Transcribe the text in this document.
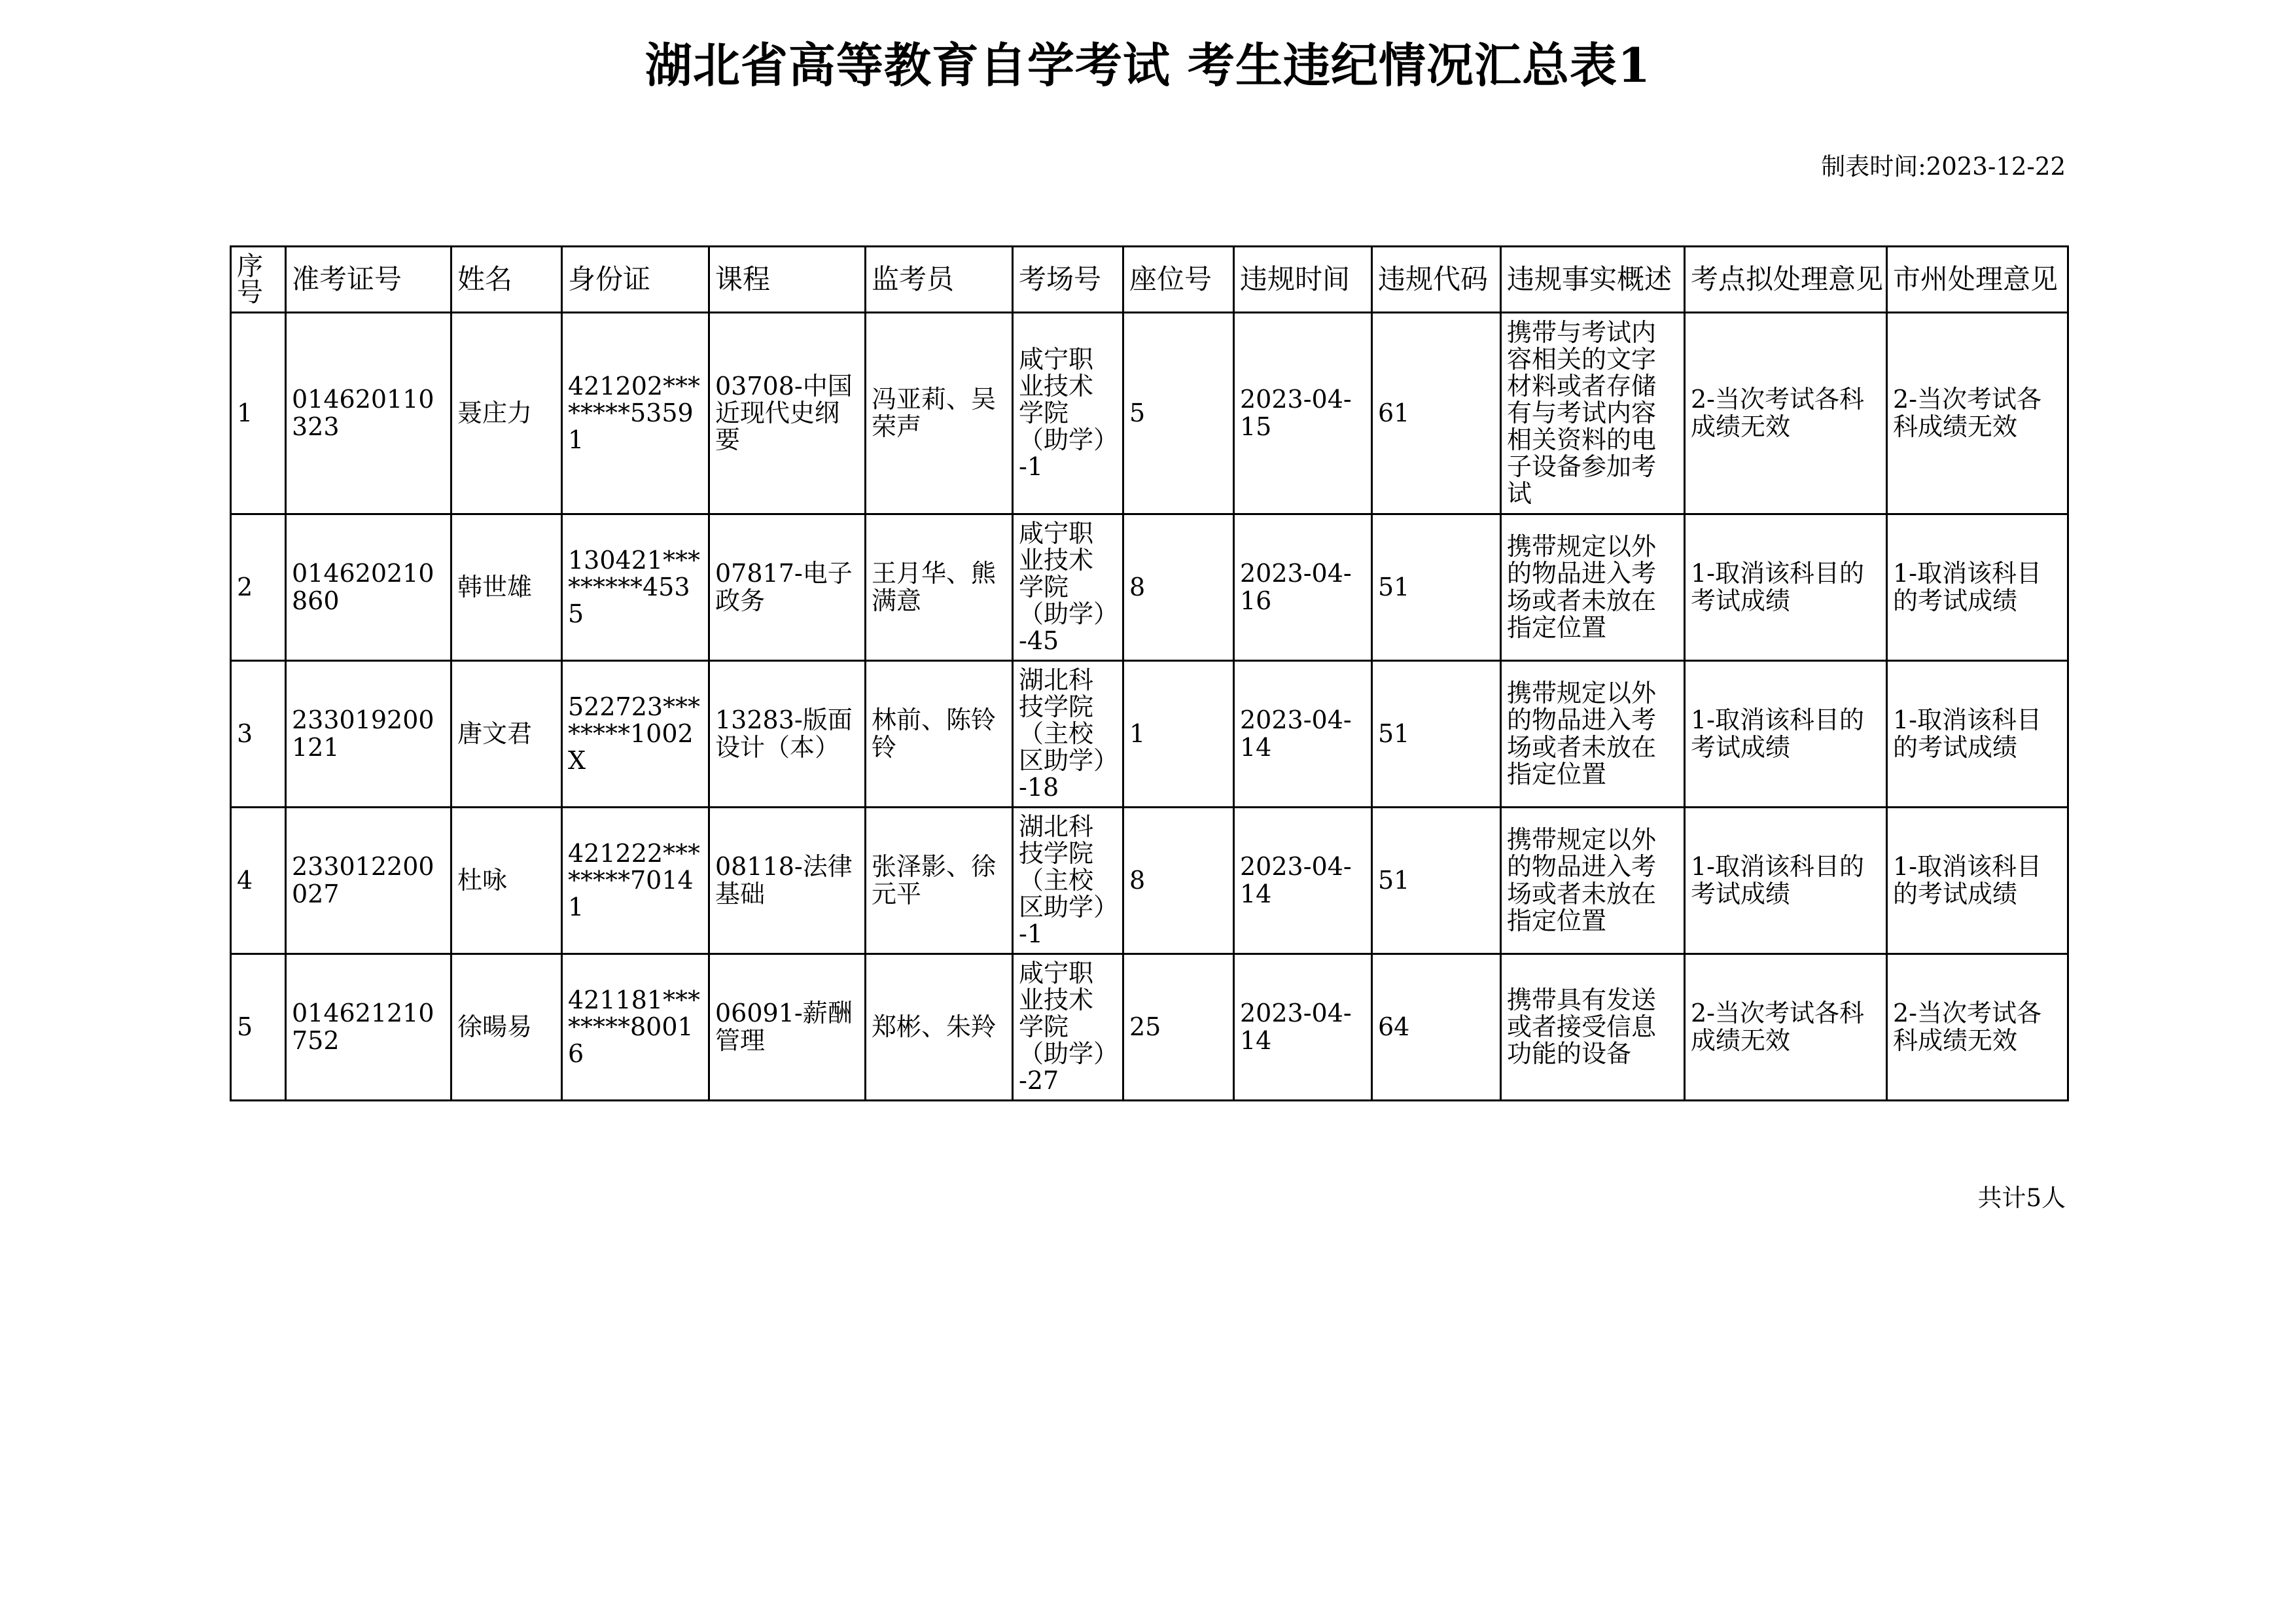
湖北省高等教育自学考试 考生违纪情况汇总表1
制表时间:2023-12-22
序号	准考证号	姓名	身份证	课程	监考员	考场号	座位号	违规时间	违规代码	违规事实概述	考点拟处理意见	市州处理意见
1	014620110323	聂庄力	421202********53591	03708-中国近现代史纲要	冯亚莉、吴荣声	咸宁职业技术学院（助学）-1	5	2023-04-15	61	携带与考试内容相关的文字材料或者存储有与考试内容相关资料的电子设备参加考试	2-当次考试各科成绩无效	2-当次考试各科成绩无效
2	014620210860	韩世雄	130421*********4535	07817-电子政务	王月华、熊满意	咸宁职业技术学院（助学）-45	8	2023-04-16	51	携带规定以外的物品进入考场或者未放在指定位置	1-取消该科目的考试成绩	1-取消该科目的考试成绩
3	233019200121	唐文君	522723********1002X	13283-版面设计（本）	林前、陈铃铃	湖北科技学院（主校区助学）-18	1	2023-04-14	51	携带规定以外的物品进入考场或者未放在指定位置	1-取消该科目的考试成绩	1-取消该科目的考试成绩
4	233012200027	杜咏	421222********70141	08118-法律基础	张泽影、徐元平	湖北科技学院（主校区助学）-1	8	2023-04-14	51	携带规定以外的物品进入考场或者未放在指定位置	1-取消该科目的考试成绩	1-取消该科目的考试成绩
5	014621210752	徐暘易	421181********80016	06091-薪酬管理	郑彬、朱羚	咸宁职业技术学院（助学）-27	25	2023-04-14	64	携带具有发送或者接受信息功能的设备	2-当次考试各科成绩无效	2-当次考试各科成绩无效
共计5人
